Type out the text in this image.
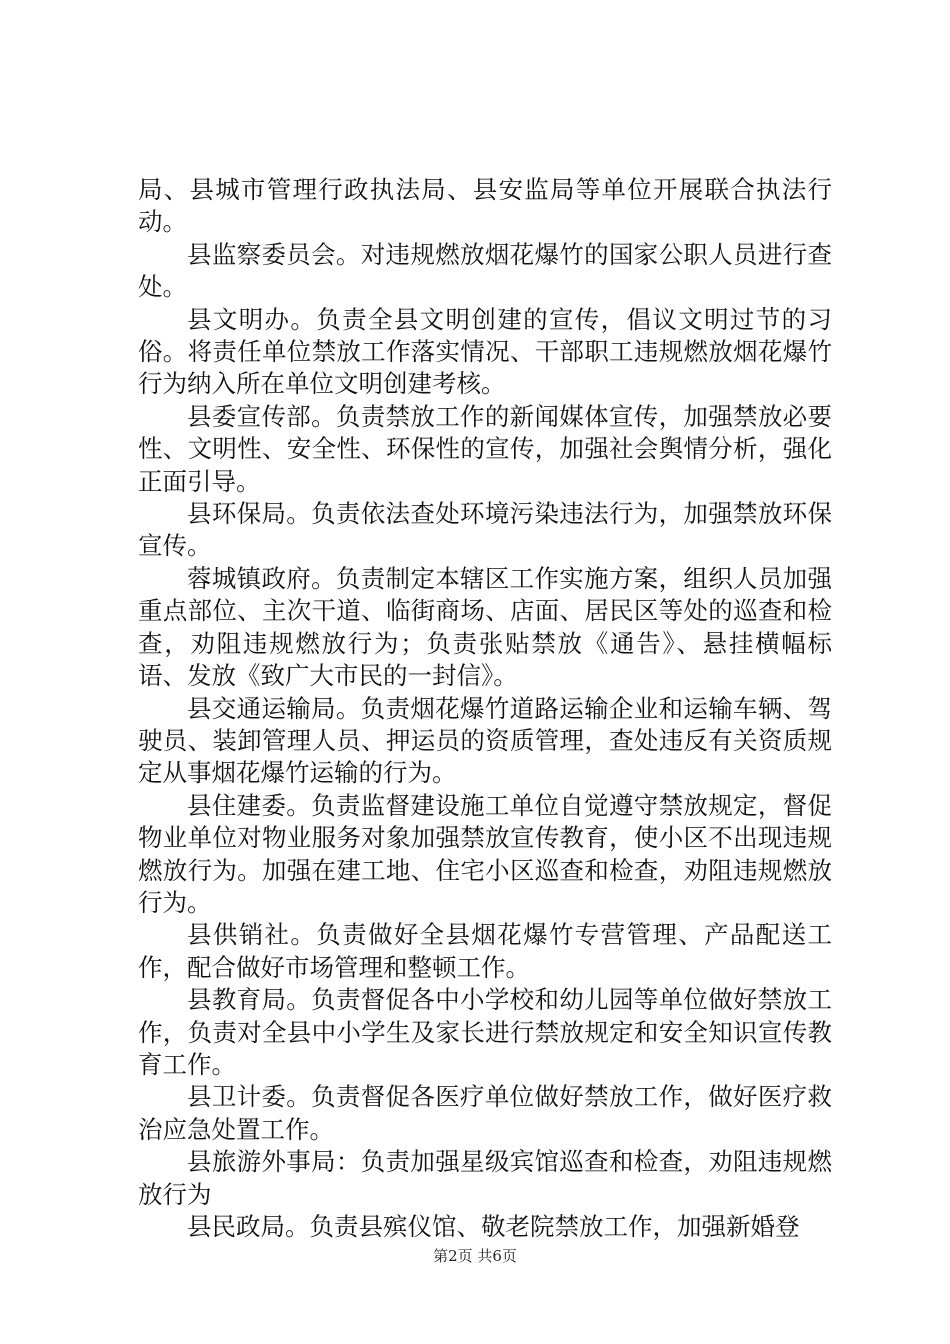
局、县城市管理行政执法局、县安监局等单位开展联合执法行动。

县监察委员会。对违规燃放烟花爆竹的国家公职人员进行查处。

县文明办。负责全县文明创建的宣传，倡议文明过节的习俗。将责任单位禁放工作落实情况、干部职工违规燃放烟花爆竹行为纳入所在单位文明创建考核。

县委宣传部。负责禁放工作的新闻媒体宣传，加强禁放必要性、文明性、安全性、环保性的宣传，加强社会舆情分析，强化正面引导。

县环保局。负责依法查处环境污染违法行为，加强禁放环保宣传。

蓉城镇政府。负责制定本辖区工作实施方案，组织人员加强重点部位、主次干道、临街商场、店面、居民区等处的巡查和检查，劝阻违规燃放行为；负责张贴禁放《通告》、悬挂横幅标语、发放《致广大市民的一封信》。

县交通运输局。负责烟花爆竹道路运输企业和运输车辆、驾驶员、装卸管理人员、押运员的资质管理，查处违反有关资质规定从事烟花爆竹运输的行为。

县住建委。负责监督建设施工单位自觉遵守禁放规定，督促物业单位对物业服务对象加强禁放宣传教育，使小区不出现违规燃放行为。加强在建工地、住宅小区巡查和检查，劝阻违规燃放行为。

县供销社。负责做好全县烟花爆竹专营管理、产品配送工作，配合做好市场管理和整顿工作。

县教育局。负责督促各中小学校和幼儿园等单位做好禁放工作，负责对全县中小学生及家长进行禁放规定和安全知识宣传教育工作。

县卫计委。负责督促各医疗单位做好禁放工作，做好医疗救治应急处置工作。

县旅游外事局：负责加强星级宾馆巡查和检查，劝阻违规燃放行为

县民政局。负责县殡仪馆、敬老院禁放工作，加强新婚登

第2页 共6页
